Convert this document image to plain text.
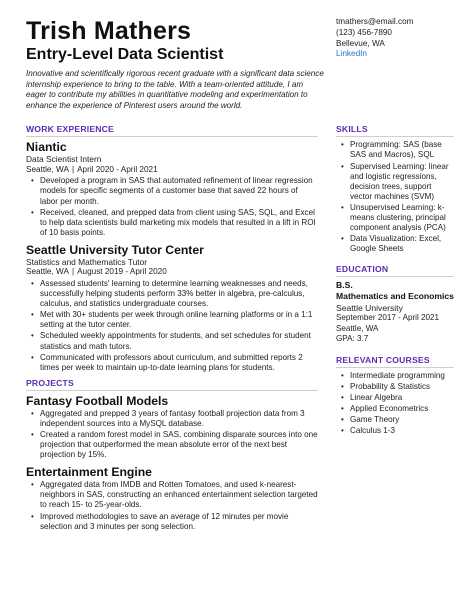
Trish Mathers
Entry-Level Data Scientist
Innovative and scientifically rigorous recent graduate with a significant data science internship experience to bring to the table. With a team-oriented attitude, I am eager to contribute my abilities in quantitative modeling and experimentation to enhance the experience of Pinterest users around the world.
tmathers@email.com
(123) 456-7890
Bellevue, WA
LinkedIn
WORK EXPERIENCE
Niantic
Data Scientist Intern
Seattle, WA | April 2020 - April 2021
• Developed a program in SAS that automated refinement of linear regression models for specific segments of a customer base that saved 22 hours of labor per month.
• Received, cleaned, and prepped data from client using SAS, SQL, and Excel to help data scientists build marketing mix models that resulted in a lift in ROI of 10 basis points.
Seattle University Tutor Center
Statistics and Mathematics Tutor
Seattle, WA | August 2019 - April 2020
• Assessed students' learning to determine learning weaknesses and needs, successfully helping students perform 33% better in algebra, pre-calculus, calculus, and statistics undergraduate courses.
• Met with 30+ students per week through online learning platforms or in a 1:1 setting at the tutor center.
• Scheduled weekly appointments for students, and set schedules for student statistics and math tutors.
• Communicated with professors about curriculum, and submitted reports 2 times per week to maintain up-to-date learning plans for students.
PROJECTS
Fantasy Football Models
• Aggregated and prepped 3 years of fantasy football projection data from 3 independent sources into a MySQL database.
• Created a random forest model in SAS, combining disparate sources into one projection that outperformed the mean absolute error of the next best projection by 15%.
Entertainment Engine
• Aggregated data from IMDB and Rotten Tomatoes, and used k-nearest-neighbors in SAS, constructing an enhanced entertainment selection targeted to reach 15- to 25-year-olds.
• Improved methodologies to save an average of 12 minutes per movie selection and 3 minutes per song selection.
SKILLS
• Programming: SAS (base SAS and Macros), SQL
• Supervised Learning: linear and logistic regressions, decision trees, support vector machines (SVM)
• Unsupervised Learning: k-means clustering, principal component analysis (PCA)
• Data Visualization: Excel, Google Sheets
EDUCATION
B.S.
Mathematics and Economics
Seattle University
September 2017 - April 2021
Seattle, WA
GPA: 3.7
RELEVANT COURSES
• Intermediate programming
• Probability & Statistics
• Linear Algebra
• Applied Econometrics
• Game Theory
• Calculus 1-3
